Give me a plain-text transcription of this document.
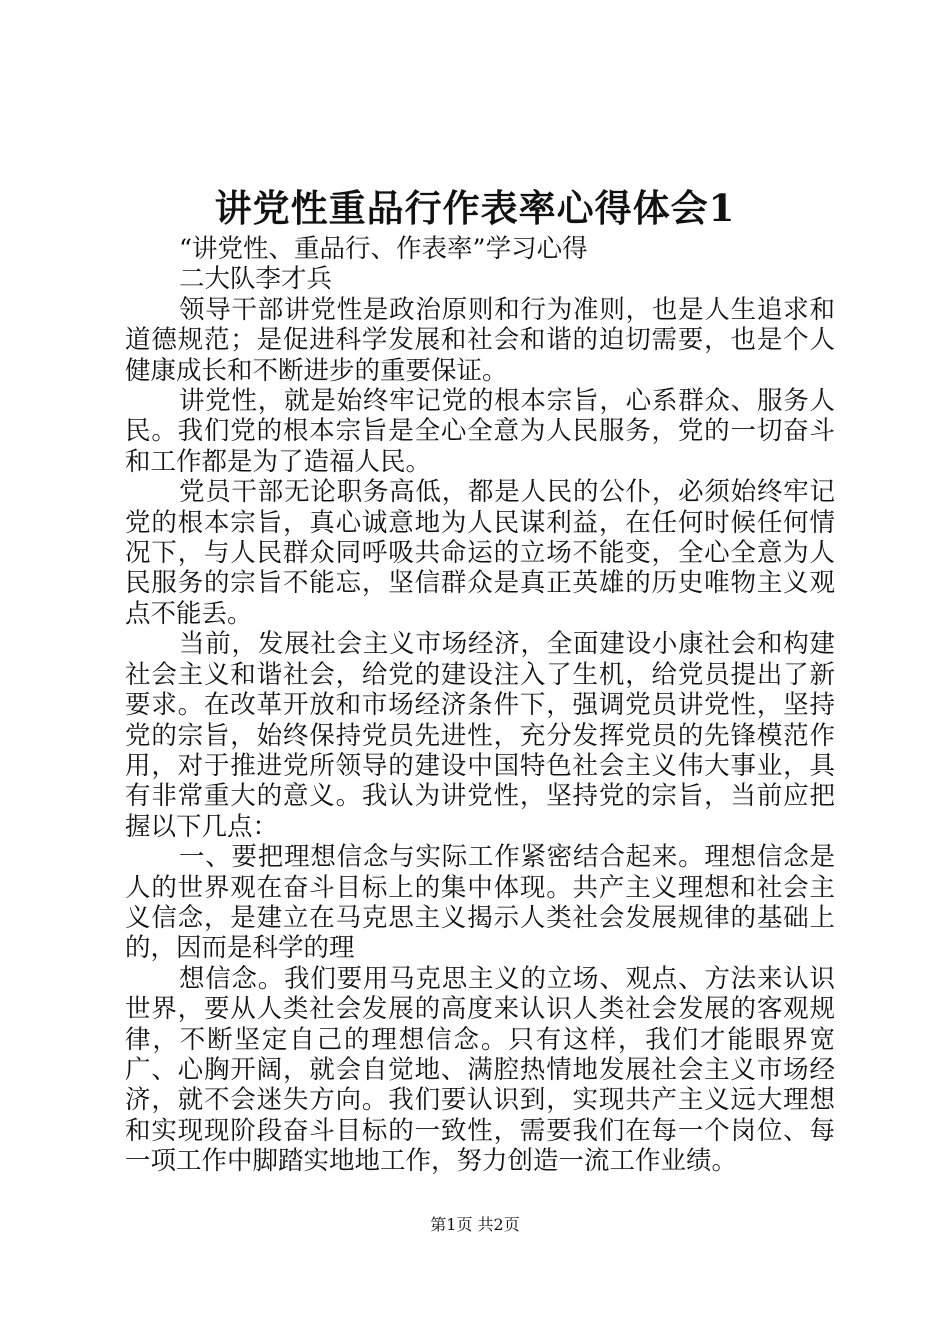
讲党性重品行作表率心得体会1

“讲党性、重品行、作表率”学习心得

二大队李才兵

领导干部讲党性是政治原则和行为准则，也是人生追求和道德规范；是促进科学发展和社会和谐的迫切需要，也是个人健康成长和不断进步的重要保证。

讲党性，就是始终牢记党的根本宗旨，心系群众、服务人民。我们党的根本宗旨是全心全意为人民服务，党的一切奋斗和工作都是为了造福人民。

党员干部无论职务高低，都是人民的公仆，必须始终牢记党的根本宗旨，真心诚意地为人民谋利益，在任何时候任何情况下，与人民群众同呼吸共命运的立场不能变，全心全意为人民服务的宗旨不能忘，坚信群众是真正英雄的历史唯物主义观点不能丢。

当前，发展社会主义市场经济，全面建设小康社会和构建社会主义和谐社会，给党的建设注入了生机，给党员提出了新要求。在改革开放和市场经济条件下，强调党员讲党性，坚持党的宗旨，始终保持党员先进性，充分发挥党员的先锋模范作用，对于推进党所领导的建设中国特色社会主义伟大事业，具有非常重大的意义。我认为讲党性，坚持党的宗旨，当前应把握以下几点：

一、要把理想信念与实际工作紧密结合起来。理想信念是人的世界观在奋斗目标上的集中体现。共产主义理想和社会主义信念，是建立在马克思主义揭示人类社会发展规律的基础上的，因而是科学的理

想信念。我们要用马克思主义的立场、观点、方法来认识世界，要从人类社会发展的高度来认识人类社会发展的客观规律，不断坚定自己的理想信念。只有这样，我们才能眼界宽广、心胸开阔，就会自觉地、满腔热情地发展社会主义市场经济，就不会迷失方向。我们要认识到，实现共产主义远大理想和实现现阶段奋斗目标的一致性，需要我们在每一个岗位、每一项工作中脚踏实地地工作，努力创造一流工作业绩。

第1页 共2页
